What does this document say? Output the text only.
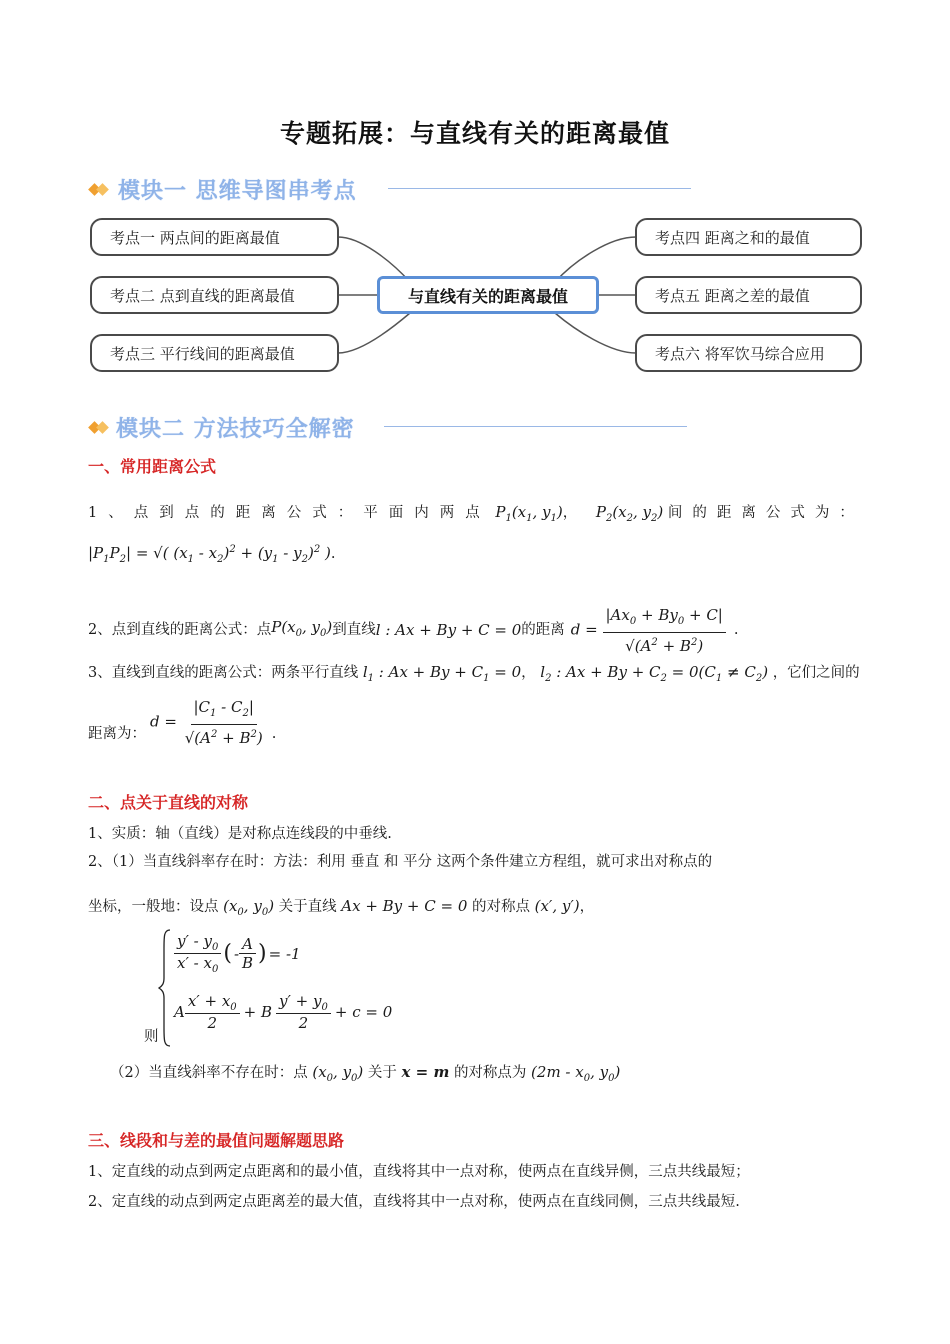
专题拓展：与直线有关的距离最值
模块一 思维导图串考点
考点一 两点间的距离最值
考点二 点到直线的距离最值
考点三 平行线间的距离最值
与直线有关的距离最值
考点四 距离之和的最值
考点五 距离之差的最值
考点六 将军饮马综合应用
模块二 方法技巧全解密
一、常用距离公式
1、点到点的距离公式：平面内两点 $P_1(x_1$, $y_1$)， $P_2(x_2$, $y_2$) 间的距离公式为：
$|P_1P_2|$ = √( $(x_1 - x_2)^2 + (y_1 - y_2)^2$ ).
2、点到直线的距离公式：点 $P(x_0$, $y_0$) 到直线 l : Ax + By + C = 0 的距离 $d = \frac{|Ax_0 + By_0 + C|}{√(A^2 + B^2)}$ .
3、直线到直线的距离公式：两条平行直线 $l_1$ : $Ax + By + C_1 = 0$， $l_2$ : $Ax + By + C_2 = 0(C_1 \ne C_2)$ ，它们之间的
距离为：
$d = \frac{|C_1 - C_2|}{√(A^2 + B^2)}$ .
二、点关于直线的对称
1、实质：轴（直线）是对称点连线段的中垂线.
2、（1）当直线斜率存在时：方法：利用 垂直 和 平分 这两个条件建立方程组，就可求出对称点的
坐标，一般地：设点 ($x_0$, $y_0$) 关于直线 Ax + By + C = 0 的对称点 (x′, y′)，
则
$\frac{y' - y_0}{x' - x_0}$ ( - $\frac{A}{B}$ ) = -1
A $\frac{x' + x_0}{2} + B \frac{y' + y_0}{2} + c = 0$
（2）当直线斜率不存在时：点 ($x_0$, $y_0$) 关于 x = m 的对称点为 ($2m - x_0$, $y_0$)
三、线段和与差的最值问题解题思路
1、定直线的动点到两定点距离和的最小值，直线将其中一点对称，使两点在直线异侧，三点共线最短；
2、定直线的动点到两定点距离差的最大值，直线将其中一点对称，使两点在直线同侧，三点共线最短.
